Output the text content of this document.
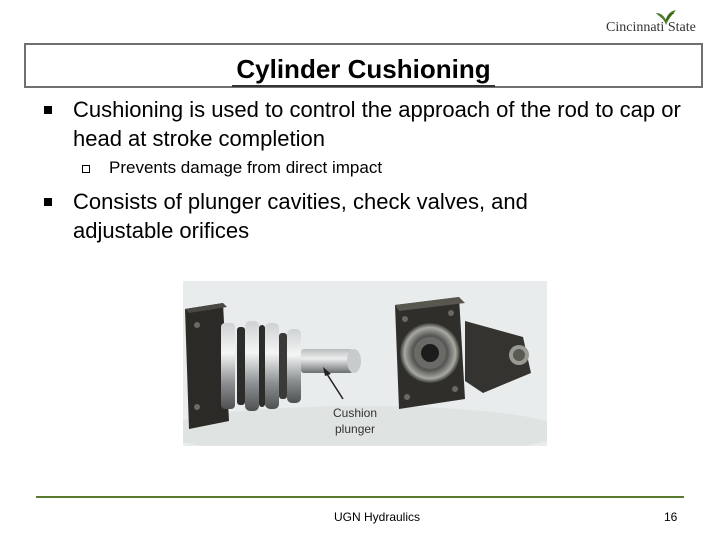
Cincinnati State
Cylinder Cushioning
Cushioning is used to control the approach of the rod to cap or head at stroke completion
Prevents damage from direct impact
Consists of plunger cavities, check valves, and adjustable orifices
Cushion
plunger
UGN Hydraulics	16
